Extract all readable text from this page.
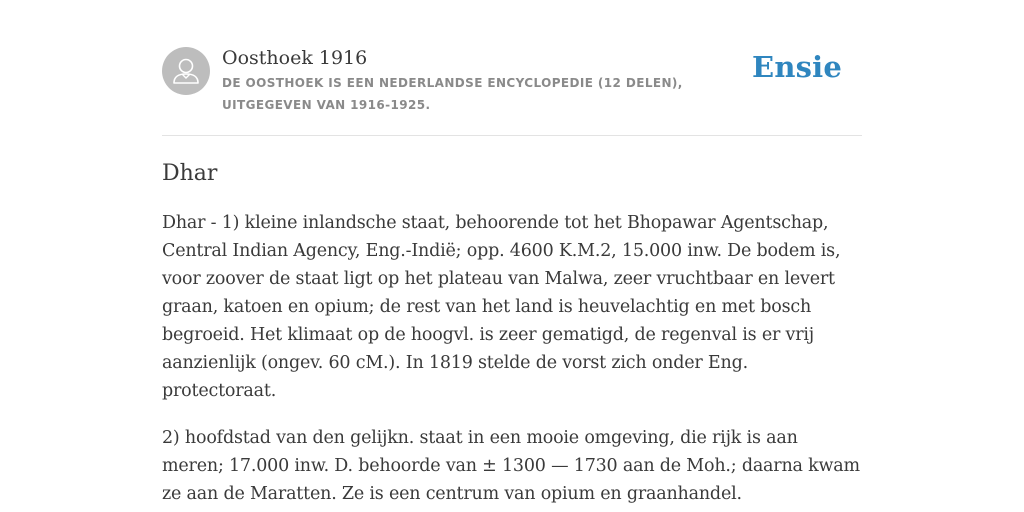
Oosthoek 1916

DE OOSTHOEK IS EEN NEDERLANDSE ENCYCLOPEDIE (12 DELEN), UITGEGEVEN VAN 1916-1925.

Ensie
Dhar

Dhar - 1) kleine inlandsche staat, behoorende tot het Bhopawar Agentschap, Central Indian Agency, Eng.-Indië; opp. 4600 K.M.2, 15.000 inw. De bodem is, voor zoover de staat ligt op het plateau van Malwa, zeer vruchtbaar en levert graan, katoen en opium; de rest van het land is heuvelachtig en met bosch begroeid. Het klimaat op de hoogvl. is zeer gematigd, de regenval is er vrij aanzienlijk (ongev. 60 cM.). In 1819 stelde de vorst zich onder Eng. protectoraat.

2) hoofdstad van den gelijkn. staat in een mooie omgeving, die rijk is aan meren; 17.000 inw. D. behoorde van ± 1300 — 1730 aan de Moh.; daarna kwam ze aan de Maratten. Ze is een centrum van opium en graanhandel.
